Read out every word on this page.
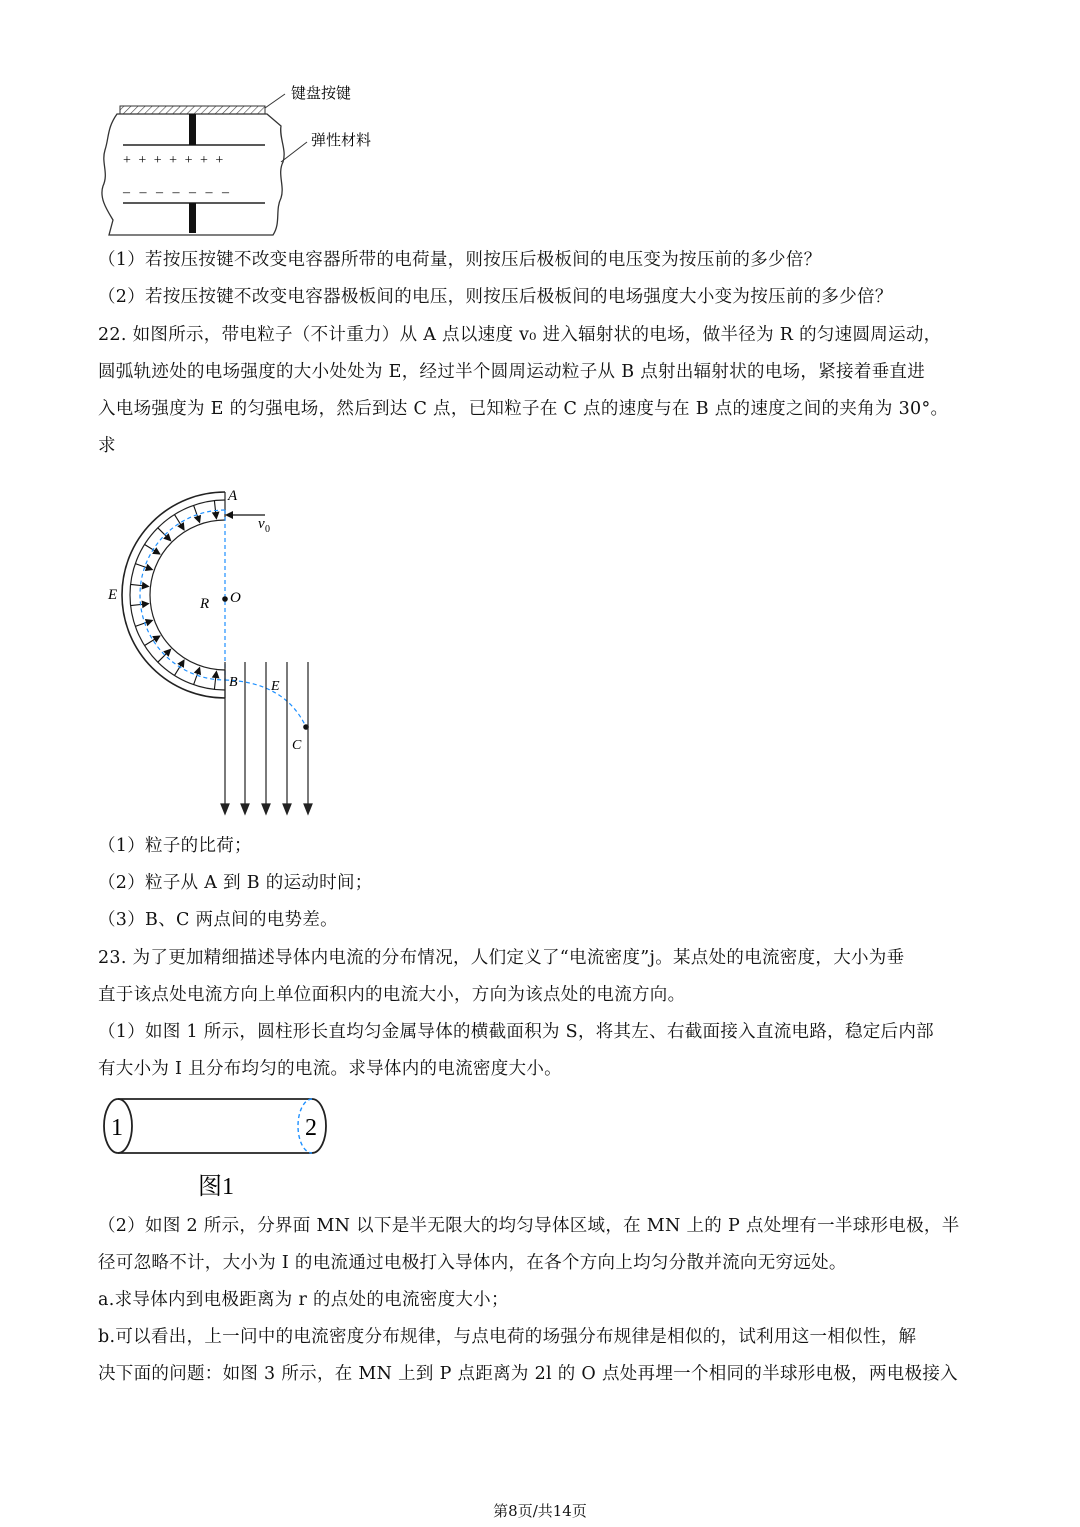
+ + + + + + +
– – – – – – –
键盘按键
弹性材料
（1）若按压按键不改变电容器所带的电荷量，则按压后极板间的电压变为按压前的多少倍？
（2）若按压按键不改变电容器极板间的电压，则按压后极板间的电场强度大小变为按压前的多少倍？
22. 如图所示，带电粒子（不计重力）从 A 点以速度 v₀ 进入辐射状的电场，做半径为 R 的匀速圆周运动，
圆弧轨迹处的电场强度的大小处处为 E，经过半个圆周运动粒子从 B 点射出辐射状的电场，紧接着垂直进
入电场强度为 E 的匀强电场，然后到达 C 点，已知粒子在 C 点的速度与在 B 点的速度之间的夹角为 30°。
求
A
v 0
E
R O
B E
C
（1）粒子的比荷；
（2）粒子从 A 到 B 的运动时间；
（3）B、C 两点间的电势差。
23. 为了更加精细描述导体内电流的分布情况，人们定义了“电流密度”j。某点处的电流密度，大小为垂
直于该点处电流方向上单位面积内的电流大小，方向为该点处的电流方向。
（1）如图 1 所示，圆柱形长直均匀金属导体的横截面积为 S，将其左、右截面接入直流电路，稳定后内部
有大小为 I 且分布均匀的电流。求导体内的电流密度大小。
1	2
图1
（2）如图 2 所示，分界面 MN 以下是半无限大的均匀导体区域，在 MN 上的 P 点处埋有一半球形电极，半
径可忽略不计，大小为 I 的电流通过电极打入导体内，在各个方向上均匀分散并流向无穷远处。
a.求导体内到电极距离为 r 的点处的电流密度大小；
b.可以看出，上一问中的电流密度分布规律，与点电荷的场强分布规律是相似的，试利用这一相似性，解
决下面的问题：如图 3 所示，在 MN 上到 P 点距离为 2l 的 O 点处再埋一个相同的半球形电极，两电极接入
第8页/共14页
